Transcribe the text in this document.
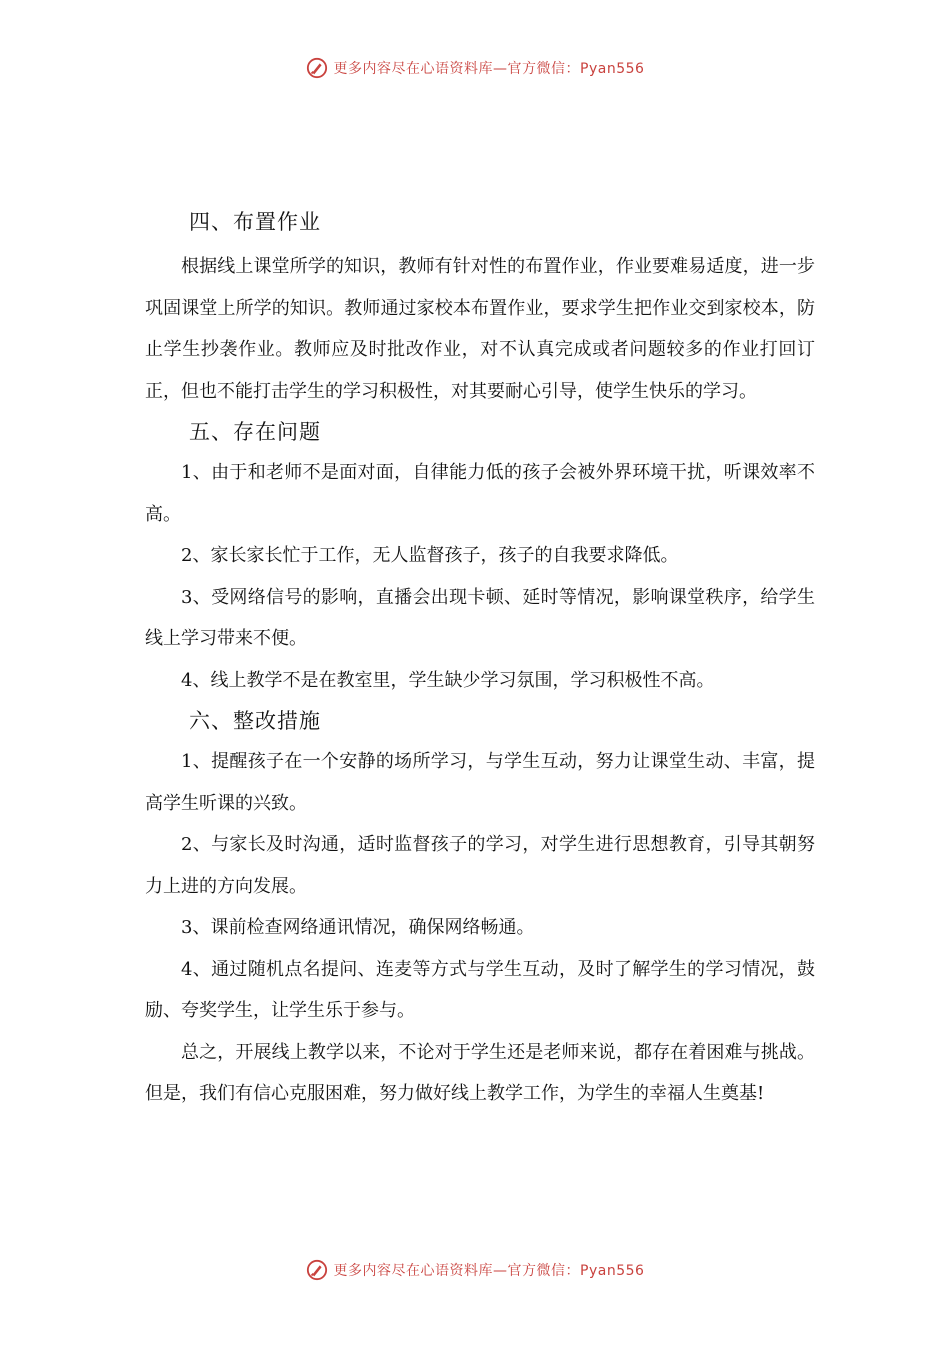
更多内容尽在心语资料库—官方微信：Pyan556
四、布置作业

根据线上课堂所学的知识，教师有针对性的布置作业，作业要难易适度，进一步巩固课堂上所学的知识。教师通过家校本布置作业，要求学生把作业交到家校本，防止学生抄袭作业。教师应及时批改作业，对不认真完成或者问题较多的作业打回订正，但也不能打击学生的学习积极性，对其要耐心引导，使学生快乐的学习。

五、存在问题

1、由于和老师不是面对面，自律能力低的孩子会被外界环境干扰，听课效率不高。

2、家长家长忙于工作，无人监督孩子，孩子的自我要求降低。

3、受网络信号的影响，直播会出现卡顿、延时等情况，影响课堂秩序，给学生线上学习带来不便。

4、线上教学不是在教室里，学生缺少学习氛围，学习积极性不高。

六、整改措施

1、提醒孩子在一个安静的场所学习，与学生互动，努力让课堂生动、丰富，提高学生听课的兴致。

2、与家长及时沟通，适时监督孩子的学习，对学生进行思想教育，引导其朝努力上进的方向发展。

3、课前检查网络通讯情况，确保网络畅通。

4、通过随机点名提问、连麦等方式与学生互动，及时了解学生的学习情况，鼓励、夸奖学生，让学生乐于参与。

总之，开展线上教学以来，不论对于学生还是老师来说，都存在着困难与挑战。但是，我们有信心克服困难，努力做好线上教学工作，为学生的幸福人生奠基!

更多内容尽在心语资料库—官方微信：Pyan556
